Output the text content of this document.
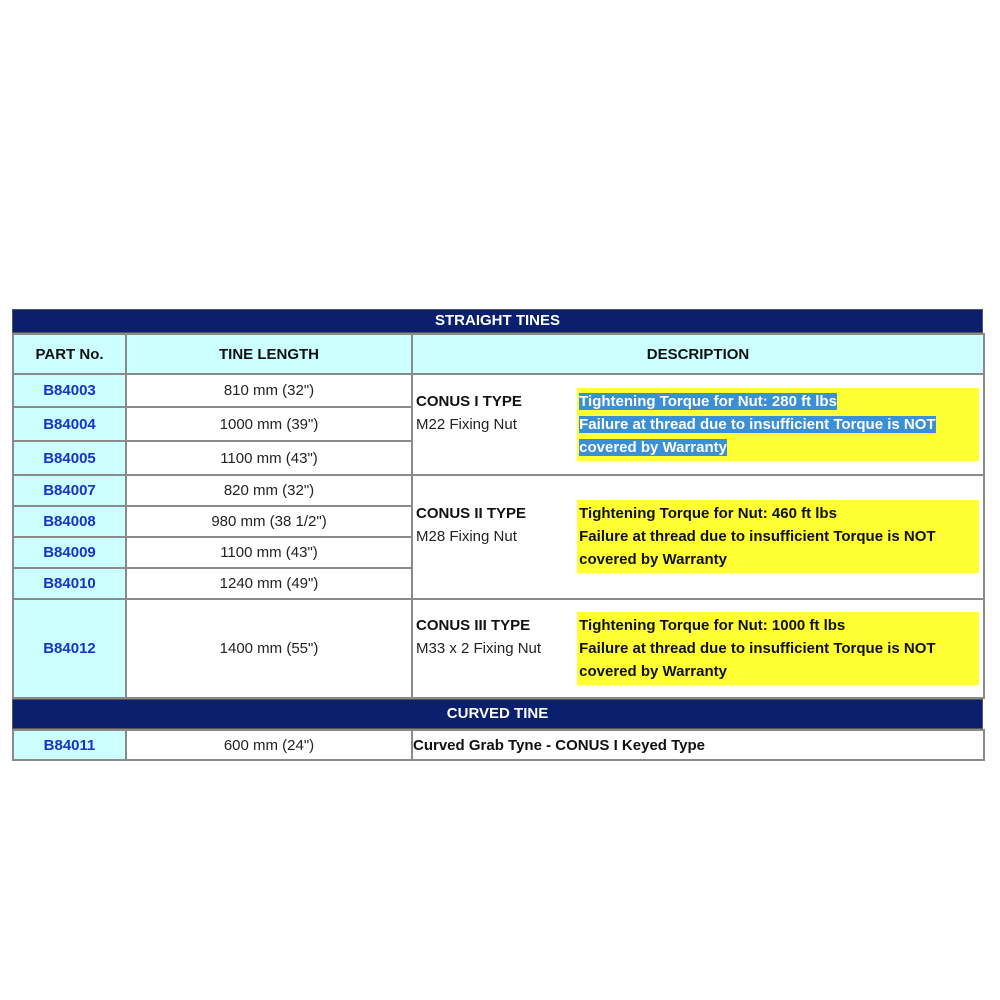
STRAIGHT TINES
PART No.	TINE LENGTH	DESCRIPTION
B84003	810 mm (32")	CONUS I TYPE
M22 Fixing Nut
Tightening Torque for Nut: 280 ft lbs
Failure at thread due to insufficient Torque is NOT
covered by Warranty

B84004	1000 mm (39")	
B84005	1100 mm (43")	
B84007	820 mm (32")	CONUS II TYPE
M28 Fixing Nut
Tightening Torque for Nut: 460 ft lbs
Failure at thread due to insufficient Torque is NOT
covered by Warranty

B84008	980 mm (38 1/2")	
B84009	1100 mm (43")	
B84010	1240 mm (49")	
B84012	1400 mm (55")	CONUS III TYPE
M33 x 2 Fixing Nut
Tightening Torque for Nut: 1000 ft lbs
Failure at thread due to insufficient Torque is NOT
covered by Warranty
CURVED TINE
B84011	600 mm (24")	Curved Grab Tyne - CONUS I Keyed Type
